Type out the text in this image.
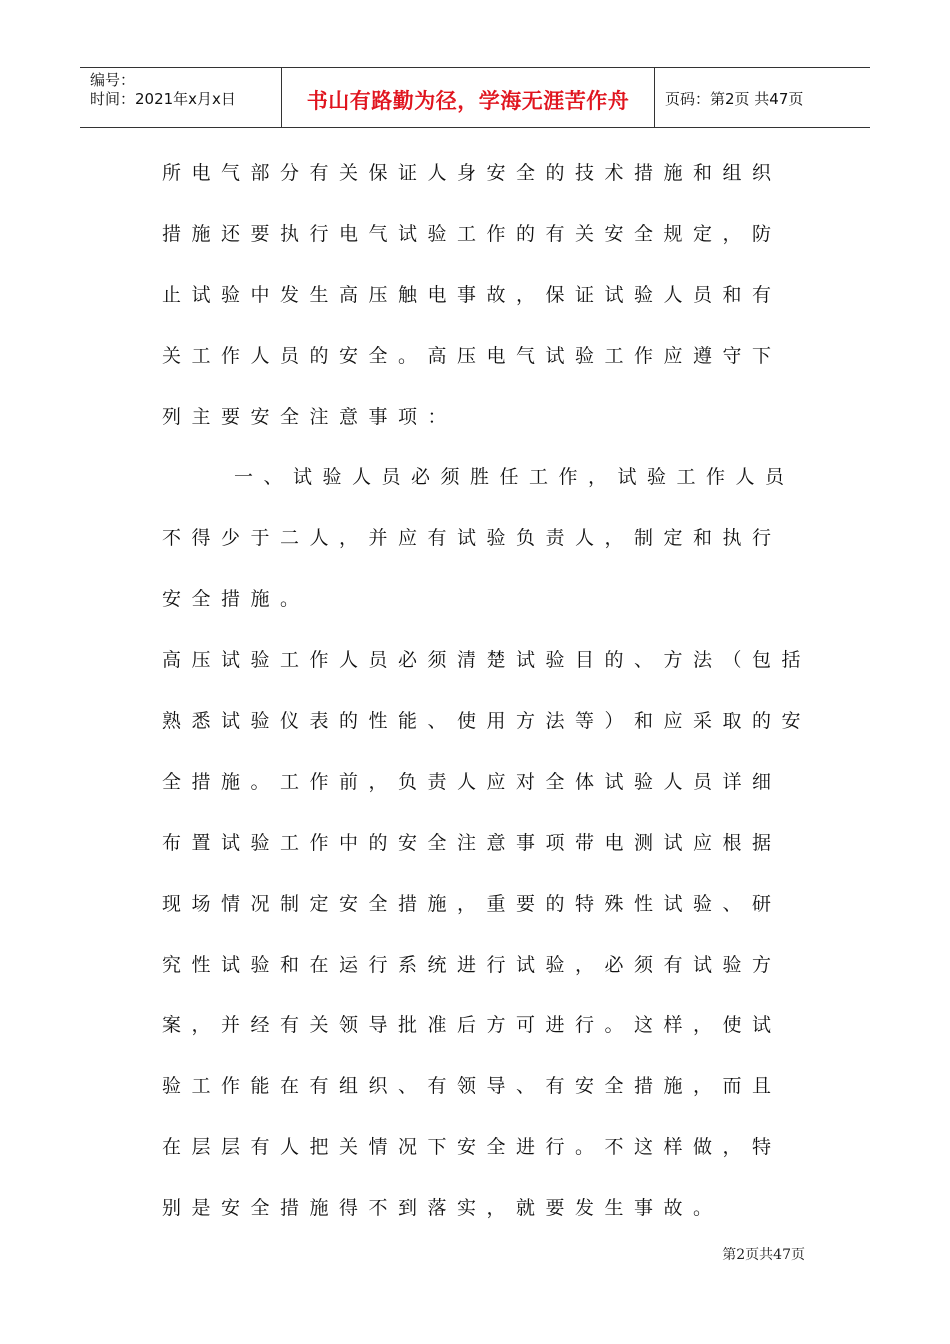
编号：
时间：2021年x月x日	书山有路勤为径，学海无涯苦作舟 页码：第2页 共47页
所电气部分有关保证人身安全的技术措施和组织
措施还要执行电气试验工作的有关安全规定，防
止试验中发生高压触电事故，保证试验人员和有
关工作人员的安全。高压电气试验工作应遵守下
列主要安全注意事项：
一、试验人员必须胜任工作，试验工作人员
不得少于二人，并应有试验负责人，制定和执行
安全措施。
高压试验工作人员必须清楚试验目的、方法（包括
熟悉试验仪表的性能、使用方法等）和应采取的安
全措施。工作前，负责人应对全体试验人员详细
布置试验工作中的安全注意事项带电测试应根据
现场情况制定安全措施，重要的特殊性试验、研
究性试验和在运行系统进行试验，必须有试验方
案，并经有关领导批准后方可进行。这样，使试
验工作能在有组织、有领导、有安全措施，而且
在层层有人把关情况下安全进行。不这样做，特
别是安全措施得不到落实，就要发生事故。
第2页共47页
